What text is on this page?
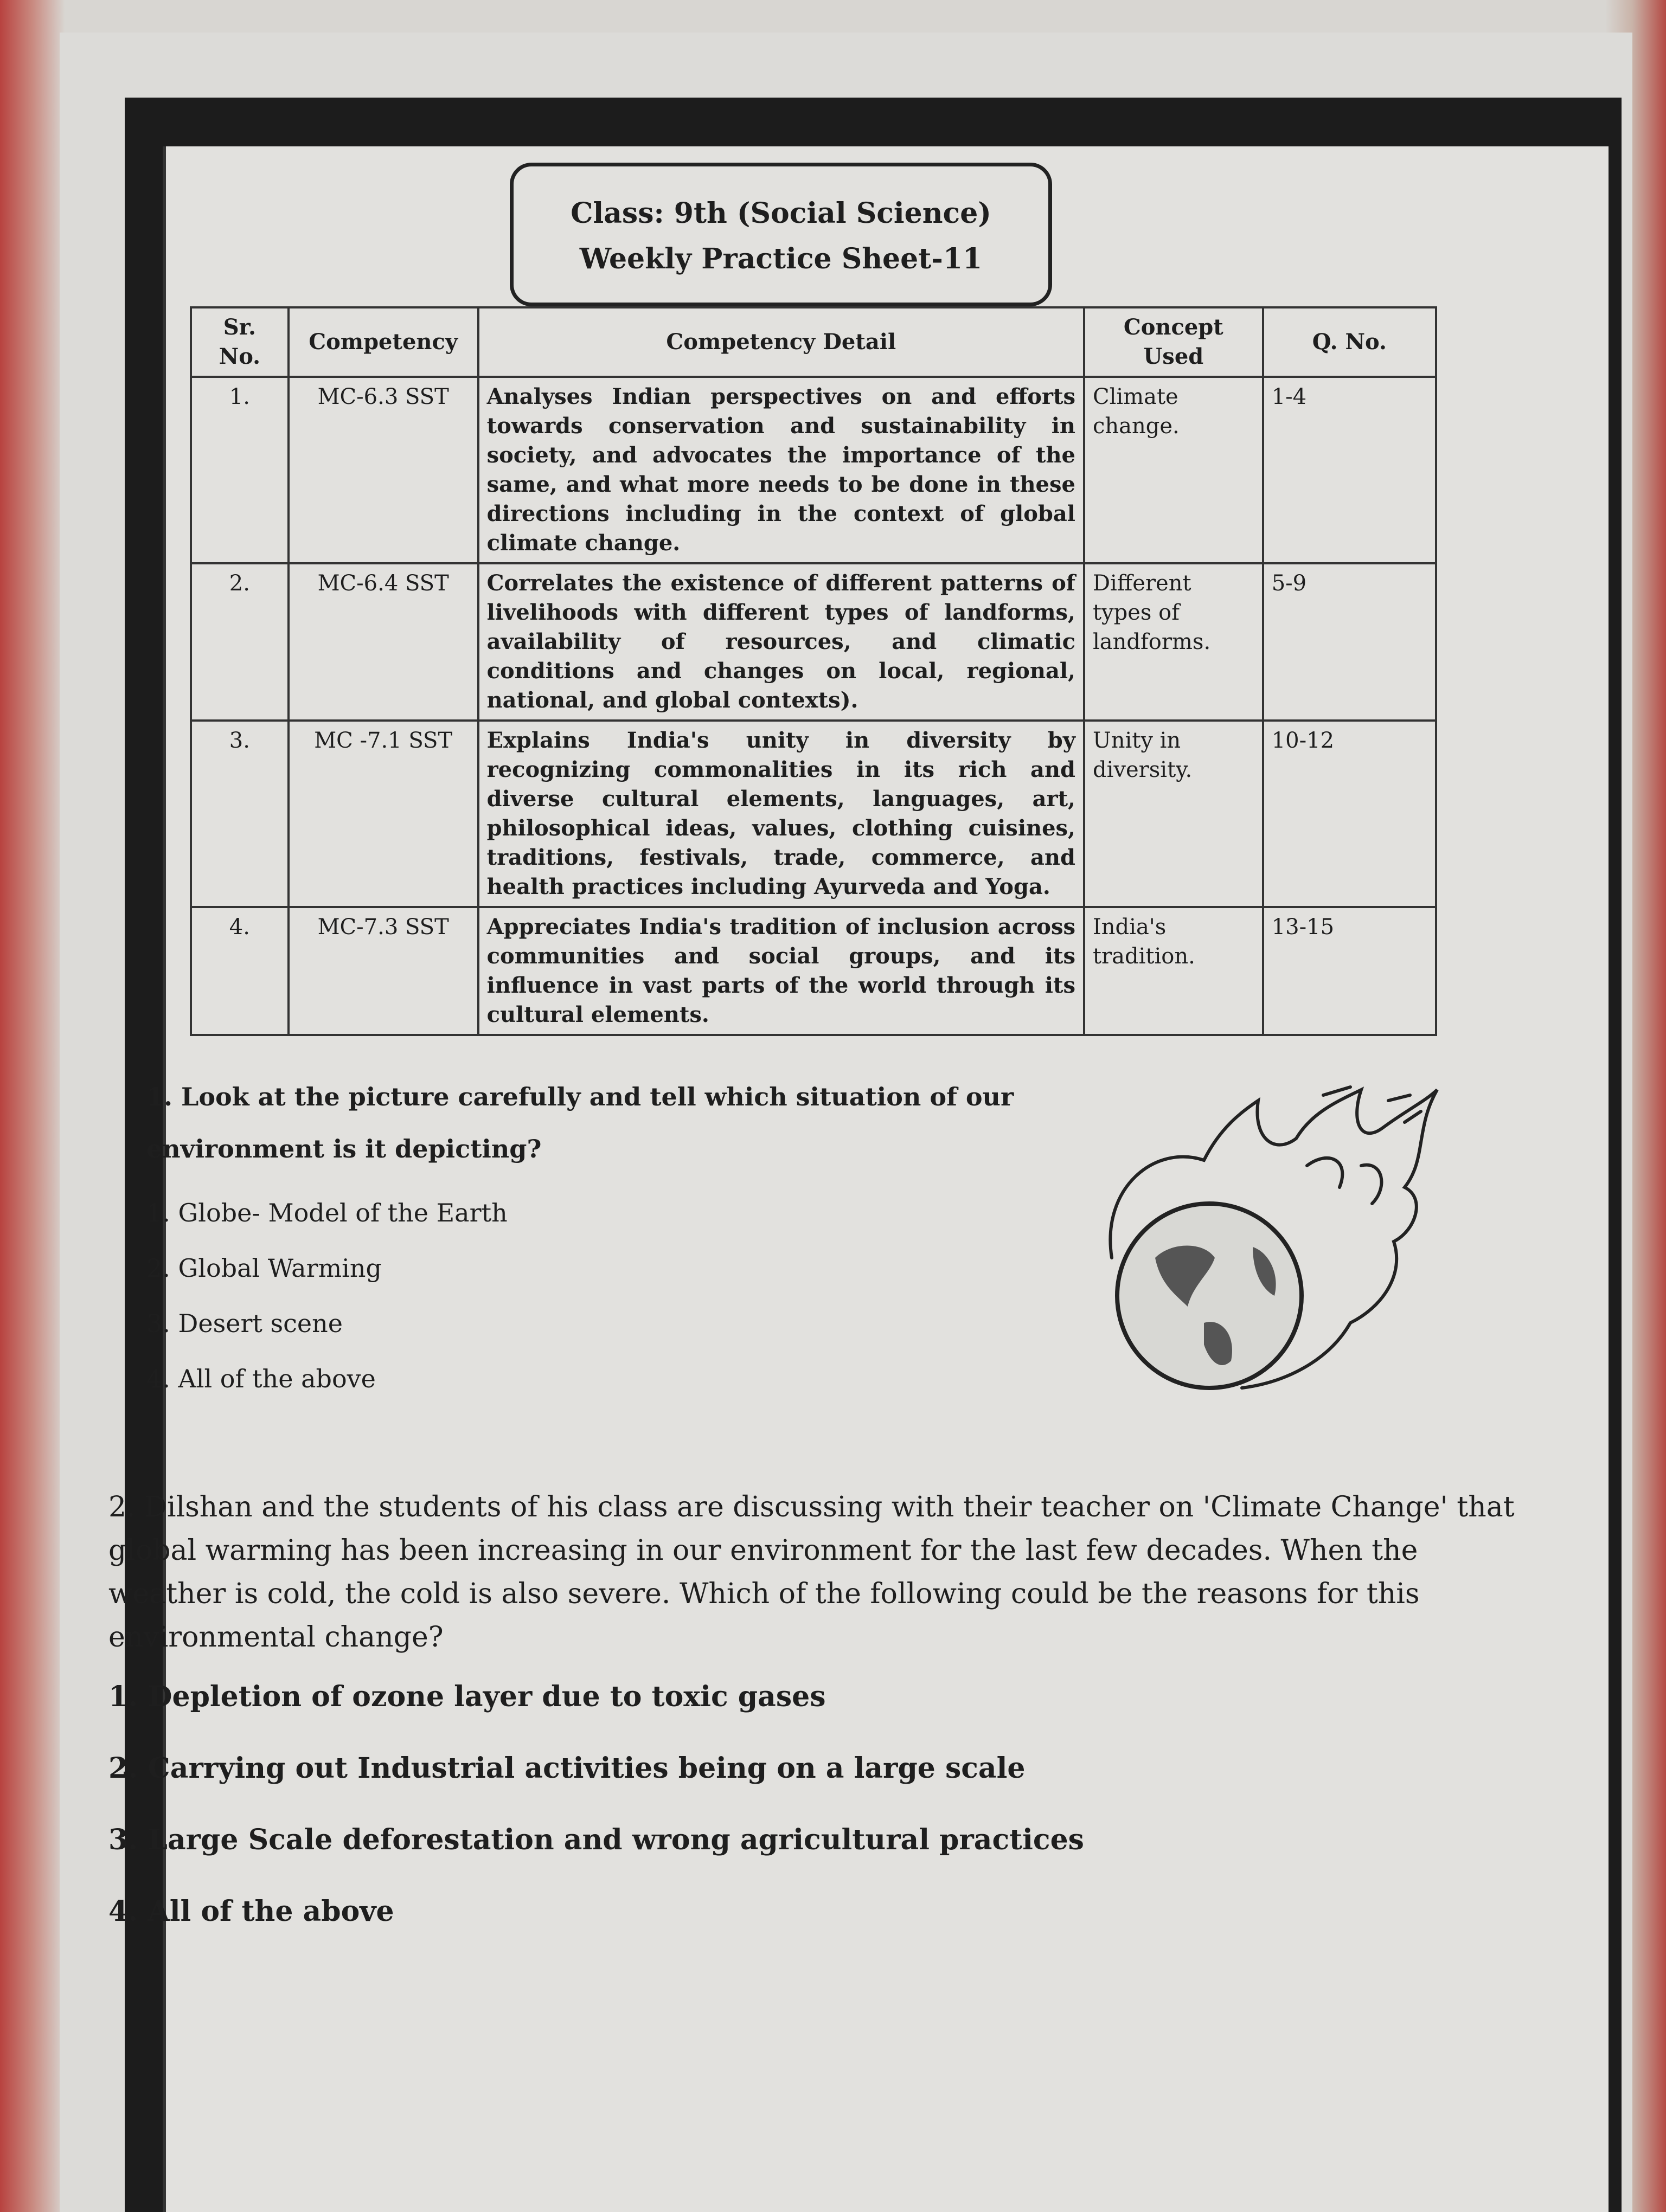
Class: 9th (Social Science)
Weekly Practice Sheet-11
Sr. No.	Competency	Competency Detail	Concept Used	Q. No.
1.	MC-6.3 SST	Analyses Indian perspectives on and efforts towards conservation and sustainability in society, and advocates the importance of the same, and what more needs to be done in these directions including in the context of global climate change.	Climate change.	1-4
2.	MC-6.4 SST	Correlates the existence of different patterns of livelihoods with different types of landforms, availability of resources, and climatic conditions and changes on local, regional, national, and global contexts).	Different types of landforms.	5-9
3.	MC -7.1 SST	Explains India's unity in diversity by recognizing commonalities in its rich and diverse cultural elements, languages, art, philosophical ideas, values, clothing cuisines, traditions, festivals, trade, commerce, and health practices including Ayurveda and Yoga.	Unity in diversity.	10-12
4.	MC-7.3 SST	Appreciates India's tradition of inclusion across communities and social groups, and its influence in vast parts of the world through its cultural elements.	India's tradition.	13-15
1. Look at the picture carefully and tell which situation of our environment is it depicting?
1. Globe- Model of the Earth
2. Global Warming
3. Desert scene
4. All of the above
2. Dilshan and the students of his class are discussing with their teacher on 'Climate Change' that global warming has been increasing in our environment for the last few decades. When the weather is cold, the cold is also severe. Which of the following could be the reasons for this environmental change?
1. Depletion of ozone layer due to toxic gases
2. Carrying out Industrial activities being on a large scale
3. Large Scale deforestation and wrong agricultural practices
4. All of the above
